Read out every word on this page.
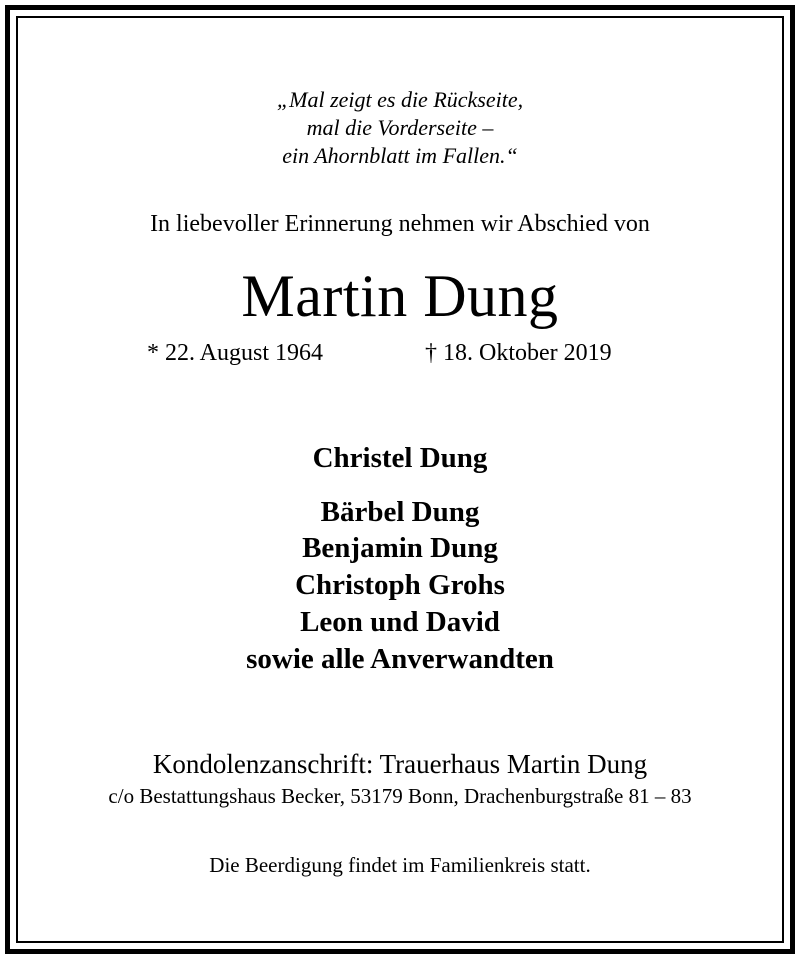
„Mal zeigt es die Rückseite,

mal die Vorderseite –

ein Ahornblatt im Fallen.“

In liebevoller Erinnerung nehmen wir Abschied von

Martin Dung
* 22. August 1964	† 18. Oktober 2019

Christel Dung

Bärbel Dung

Benjamin Dung

Christoph Grohs

Leon und David

sowie alle Anverwandten

Kondolenzanschrift: Trauerhaus Martin Dung

c/o Bestattungshaus Becker, 53179 Bonn, Drachenburgstraße 81 – 83

Die Beerdigung findet im Familienkreis statt.
